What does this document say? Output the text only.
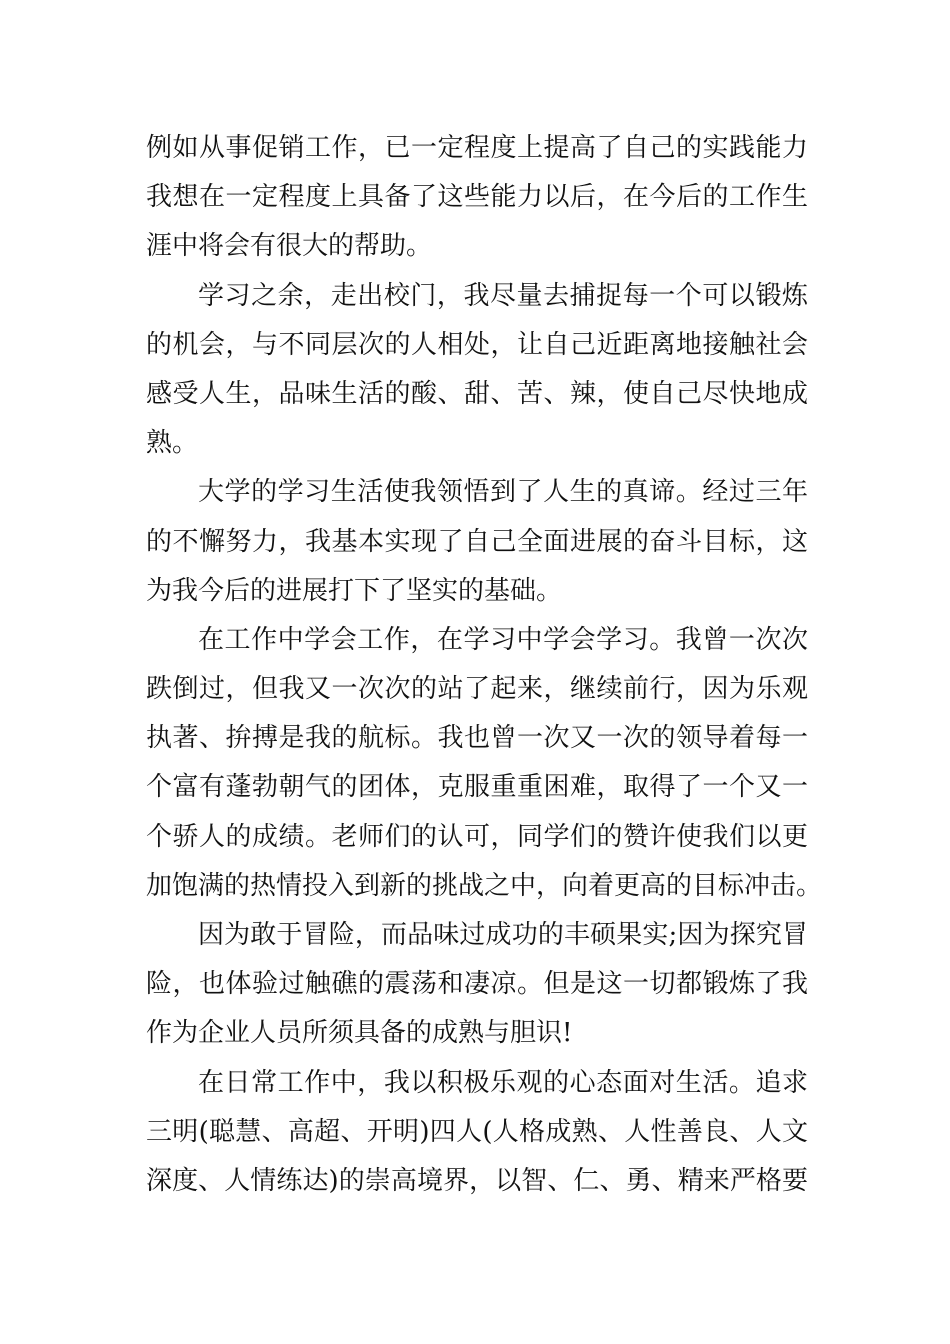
例如从事促销工作，已一定程度上提高了自己的实践能力
我想在一定程度上具备了这些能力以后，在今后的工作生
涯中将会有很大的帮助。
学习之余，走出校门，我尽量去捕捉每一个可以锻炼
的机会，与不同层次的人相处，让自己近距离地接触社会
感受人生，品味生活的酸、甜、苦、辣，使自己尽快地成
熟。
大学的学习生活使我领悟到了人生的真谛。经过三年
的不懈努力，我基本实现了自己全面进展的奋斗目标，这
为我今后的进展打下了坚实的基础。
在工作中学会工作，在学习中学会学习。我曾一次次
跌倒过，但我又一次次的站了起来，继续前行，因为乐观
执著、拚搏是我的航标。我也曾一次又一次的领导着每一
个富有蓬勃朝气的团体，克服重重困难，取得了一个又一
个骄人的成绩。老师们的认可，同学们的赞许使我们以更
加饱满的热情投入到新的挑战之中，向着更高的目标冲击。
因为敢于冒险，而品味过成功的丰硕果实;因为探究冒
险，也体验过触礁的震荡和凄凉。但是这一切都锻炼了我
作为企业人员所须具备的成熟与胆识!
在日常工作中，我以积极乐观的心态面对生活。追求
三明(聪慧、高超、开明)四人(人格成熟、人性善良、人文
深度、人情练达)的崇高境界，以智、仁、勇、精来严格要
